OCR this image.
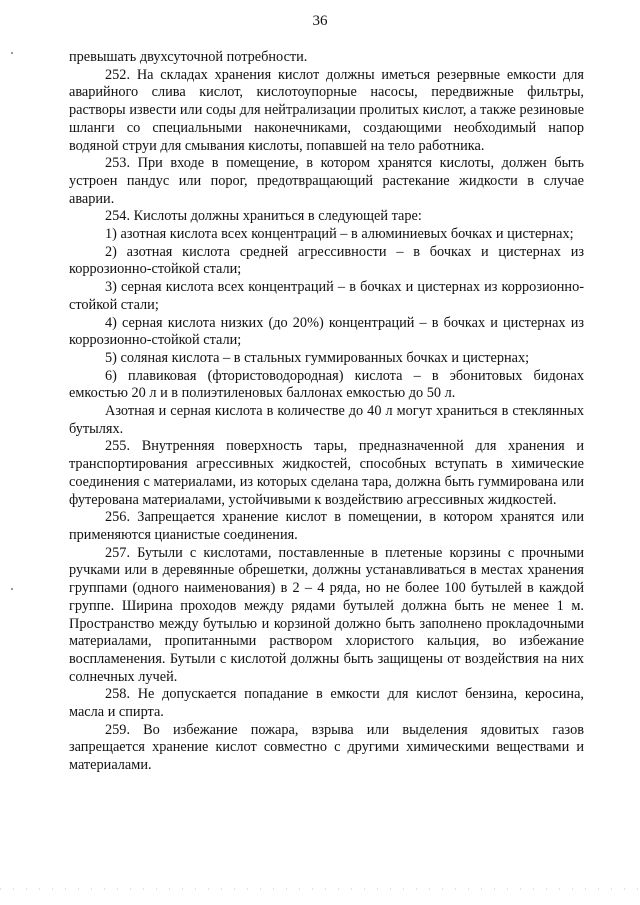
36

превышать двухсуточной потребности.

252. На складах хранения кислот должны иметься резервные емкости для аварийного слива кислот, кислотоупорные насосы, передвижные фильтры, растворы извести или соды для нейтрализации пролитых кислот, а также резиновые шланги со специальными наконечниками, создающими необходимый напор водяной струи для смывания кислоты, попавшей на тело работника.

253. При входе в помещение, в котором хранятся кислоты, должен быть устроен пандус или порог, предотвращающий растекание жидкости в случае аварии.

254. Кислоты должны храниться в следующей таре:

1) азотная кислота всех концентраций – в алюминиевых бочках и цистернах;

2) азотная кислота средней агрессивности – в бочках и цистернах из коррозионно-стойкой стали;

3) серная кислота всех концентраций – в бочках и цистернах из коррозионно-стойкой стали;

4) серная кислота низких (до 20%) концентраций – в бочках и цистернах из коррозионно-стойкой стали;

5) соляная кислота – в стальных гуммированных бочках и цистернах;

6) плавиковая (фтористоводородная) кислота – в эбонитовых бидонах емкостью 20 л и в полиэтиленовых баллонах емкостью до 50 л.

Азотная и серная кислота в количестве до 40 л могут храниться в стеклянных бутылях.

255. Внутренняя поверхность тары, предназначенной для хранения и транспортирования агрессивных жидкостей, способных вступать в химические соединения с материалами, из которых сделана тара, должна быть гуммирована или футерована материалами, устойчивыми к воздействию агрессивных жидкостей.

256. Запрещается хранение кислот в помещении, в котором хранятся или применяются цианистые соединения.

257. Бутыли с кислотами, поставленные в плетеные корзины с прочными ручками или в деревянные обрешетки, должны устанавливаться в местах хранения группами (одного наименования) в 2 – 4 ряда, но не более 100 бутылей в каждой группе. Ширина проходов между рядами бутылей должна быть не менее 1 м. Пространство между бутылью и корзиной должно быть заполнено прокладочными материалами, пропитанными раствором хлористого кальция, во избежание воспламенения. Бутыли с кислотой должны быть защищены от воздействия на них солнечных лучей.

258. Не допускается попадание в емкости для кислот бензина, керосина, масла и спирта.

259. Во избежание пожара, взрыва или выделения ядовитых газов запрещается хранение кислот совместно с другими химическими веществами и материалами.
